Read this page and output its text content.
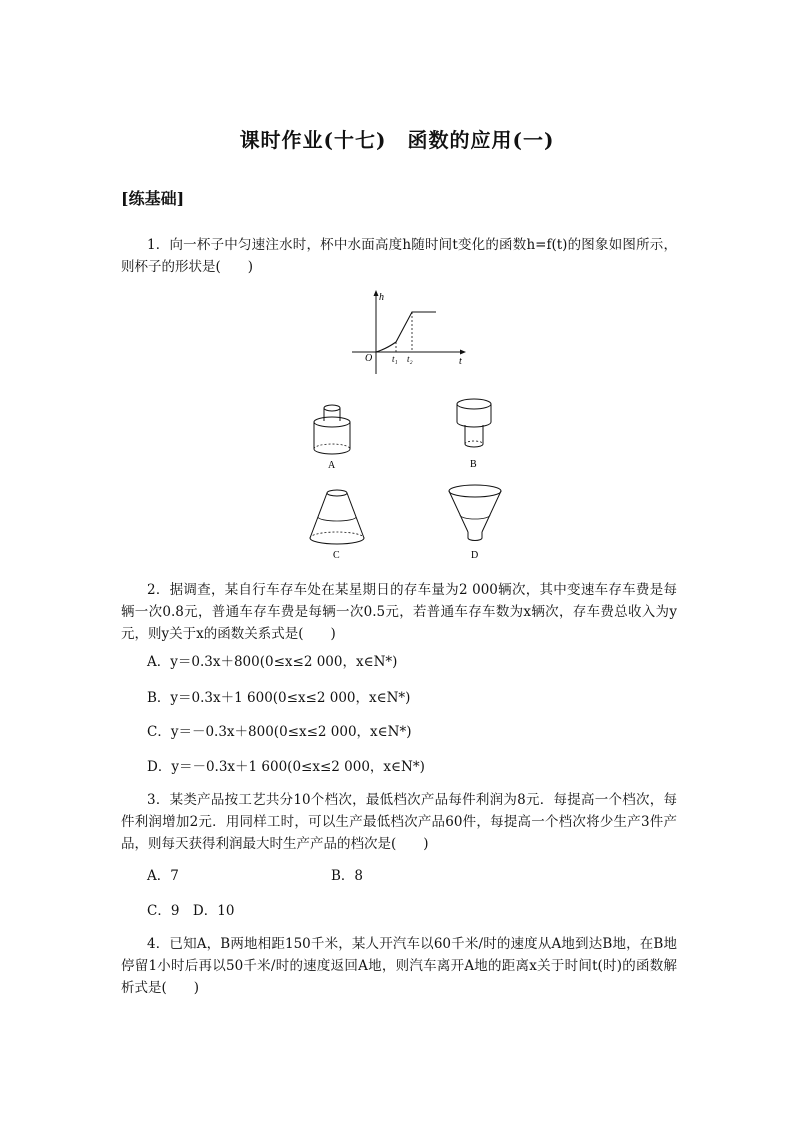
课时作业(十七)　函数的应用(一)
[练基础]

1．向一杯子中匀速注水时，杯中水面高度h随时间t变化的函数h=f(t)的图象如图所示，则杯子的形状是(　　)

h
t
O t₁ t₂
A	B
C	D

2．据调查，某自行车存车处在某星期日的存车量为2 000辆次，其中变速车存车费是每辆一次0.8元，普通车存车费是每辆一次0.5元，若普通车存车数为x辆次，存车费总收入为y元，则y关于x的函数关系式是(　　)

A．y＝0.3x＋800(0≤x≤2 000，x∈N*)
B．y＝0.3x＋1 600(0≤x≤2 000，x∈N*)
C．y＝－0.3x＋800(0≤x≤2 000，x∈N*)
D．y＝－0.3x＋1 600(0≤x≤2 000，x∈N*)

3．某类产品按工艺共分10个档次，最低档次产品每件利润为8元．每提高一个档次，每件利润增加2元．用同样工时，可以生产最低档次产品60件，每提高一个档次将少生产3件产品，则每天获得利润最大时生产产品的档次是(　　)

A．7	B．8
C．9　D．10

4．已知A，B两地相距150千米，某人开汽车以60千米/时的速度从A地到达B地，在B地停留1小时后再以50千米/时的速度返回A地，则汽车离开A地的距离x关于时间t(时)的函数解析式是(　　)
